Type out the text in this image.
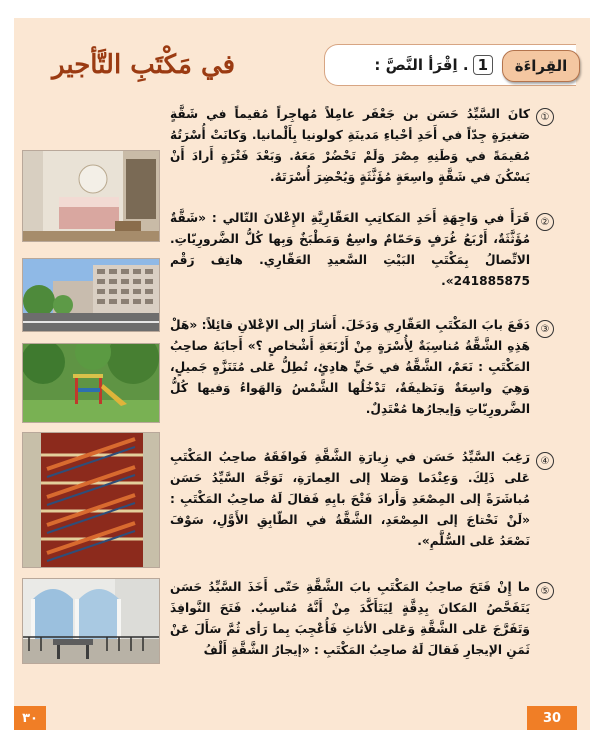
في مَكْتَبِ التَّأجير	1. اِقْرَأ النَّصَّ :	القِراءَة
①
كانَ السَّيِّدُ حَسَن بن جَعْفَر عامِلاً مُهاجِراً مُقيماً في شَقَّةٍ صَغيرَةٍ جِدّاً في أَحَدِ أحْياءِ مَدينَةِ كولونيا بِأَلْمانيا. وَكانَتْ أُسْرَتُهُ مُقيمَةً في وَطَنِهِ مِصْرَ وَلَمْ تَحْضُرْ مَعَهُ. وَبَعْدَ فَتْرَةٍ أَرادَ أَنْ يَسْكُنَ في شَقَّةٍ واسِعَةٍ مُؤَثَّثَةٍ وَيُحْضِرَ أُسْرَتَهُ.
②
قَرَأَ في وَاجِهَةِ أَحَدِ المَكاتِبِ العَقّارِيَّةِ الإِعْلانَ التّالي : «شَقَّةٌ مُؤَثَّثَةٌ، أَرْبَعُ غُرَفٍ وَحَمّامٌ واسِعٌ وَمَطْبَخٌ وَبِها كُلُّ الضَّرورِيّاتِ. الاتِّصالُ بِمَكْتَبِ البَيْتِ السَّعيدِ العَقّارِي. هاتِف رَقْم 241885875».
③
دَفَعَ بابَ المَكْتَبِ العَقّارِي وَدَخَلَ. أَشارَ إلى الإعْلانِ قائِلاً: «هَلْ هَذِهِ الشَّقَّةُ مُناسِبَةٌ لِأُسْرَةٍ مِنْ أَرْبَعَةِ أَشْخاصٍ ؟» أَجابَهُ صاحِبُ المَكْتَبِ : نَعَمْ، الشَّقَّةُ في حَيٍّ هادِئٍ، تُطِلُّ عَلى مُتَنَزَّهٍ جَميلٍ، وَهِيَ واسِعَةٌ وَنَظيفَةٌ، تَدْخُلُها الشَّمْسُ وَالهَواءُ وَفيها كُلُّ الضَّرورِيّاتِ وَإيجارُها مُعْتَدِلٌ.
④
رَغِبَ السَّيِّدُ حَسَن في زِيارَةِ الشَّقَّةِ فَوافَقَهُ صاحِبُ المَكْتَبِ عَلى ذَلِكَ. وَعِنْدَما وَصَلا إلى العِمارَةِ، تَوَجَّهَ السَّيِّدُ حَسَن مُباشَرَةً إلى المِصْعَدِ وَأَرادَ فَتْحَ بابِهِ فَقالَ لَهُ صاحِبُ المَكْتَبِ : «لَنْ نَحْتاجَ إلى المِصْعَدِ، الشَّقَّةُ في الطّابِقِ الأَوَّلِ، سَوْفَ نَصْعَدُ عَلى السُّلَّمِ».
⑤
ما إِنْ فَتَحَ صاحِبُ المَكْتَبِ بابَ الشَّقَّةِ حَتّى أَخَذَ السَّيِّدُ حَسَن يَتَفَحَّصُ المَكانَ بِدِقَّةٍ لِيَتَأَكَّدَ مِنْ أَنَّهُ مُناسِبٌ. فَتَحَ النَّوافِذَ وَتَفَرَّجَ عَلى الشَّقَّةِ وَعَلى الأثاثِ فَأُعْجِبَ بِما رَأى ثُمَّ سَأَلَ عَنْ ثَمَنِ الإيجارِ فَقالَ لَهُ صاحِبُ المَكْتَبِ : «إيجارُ الشَّقَّةِ أَلْفُ
٣٠	30
